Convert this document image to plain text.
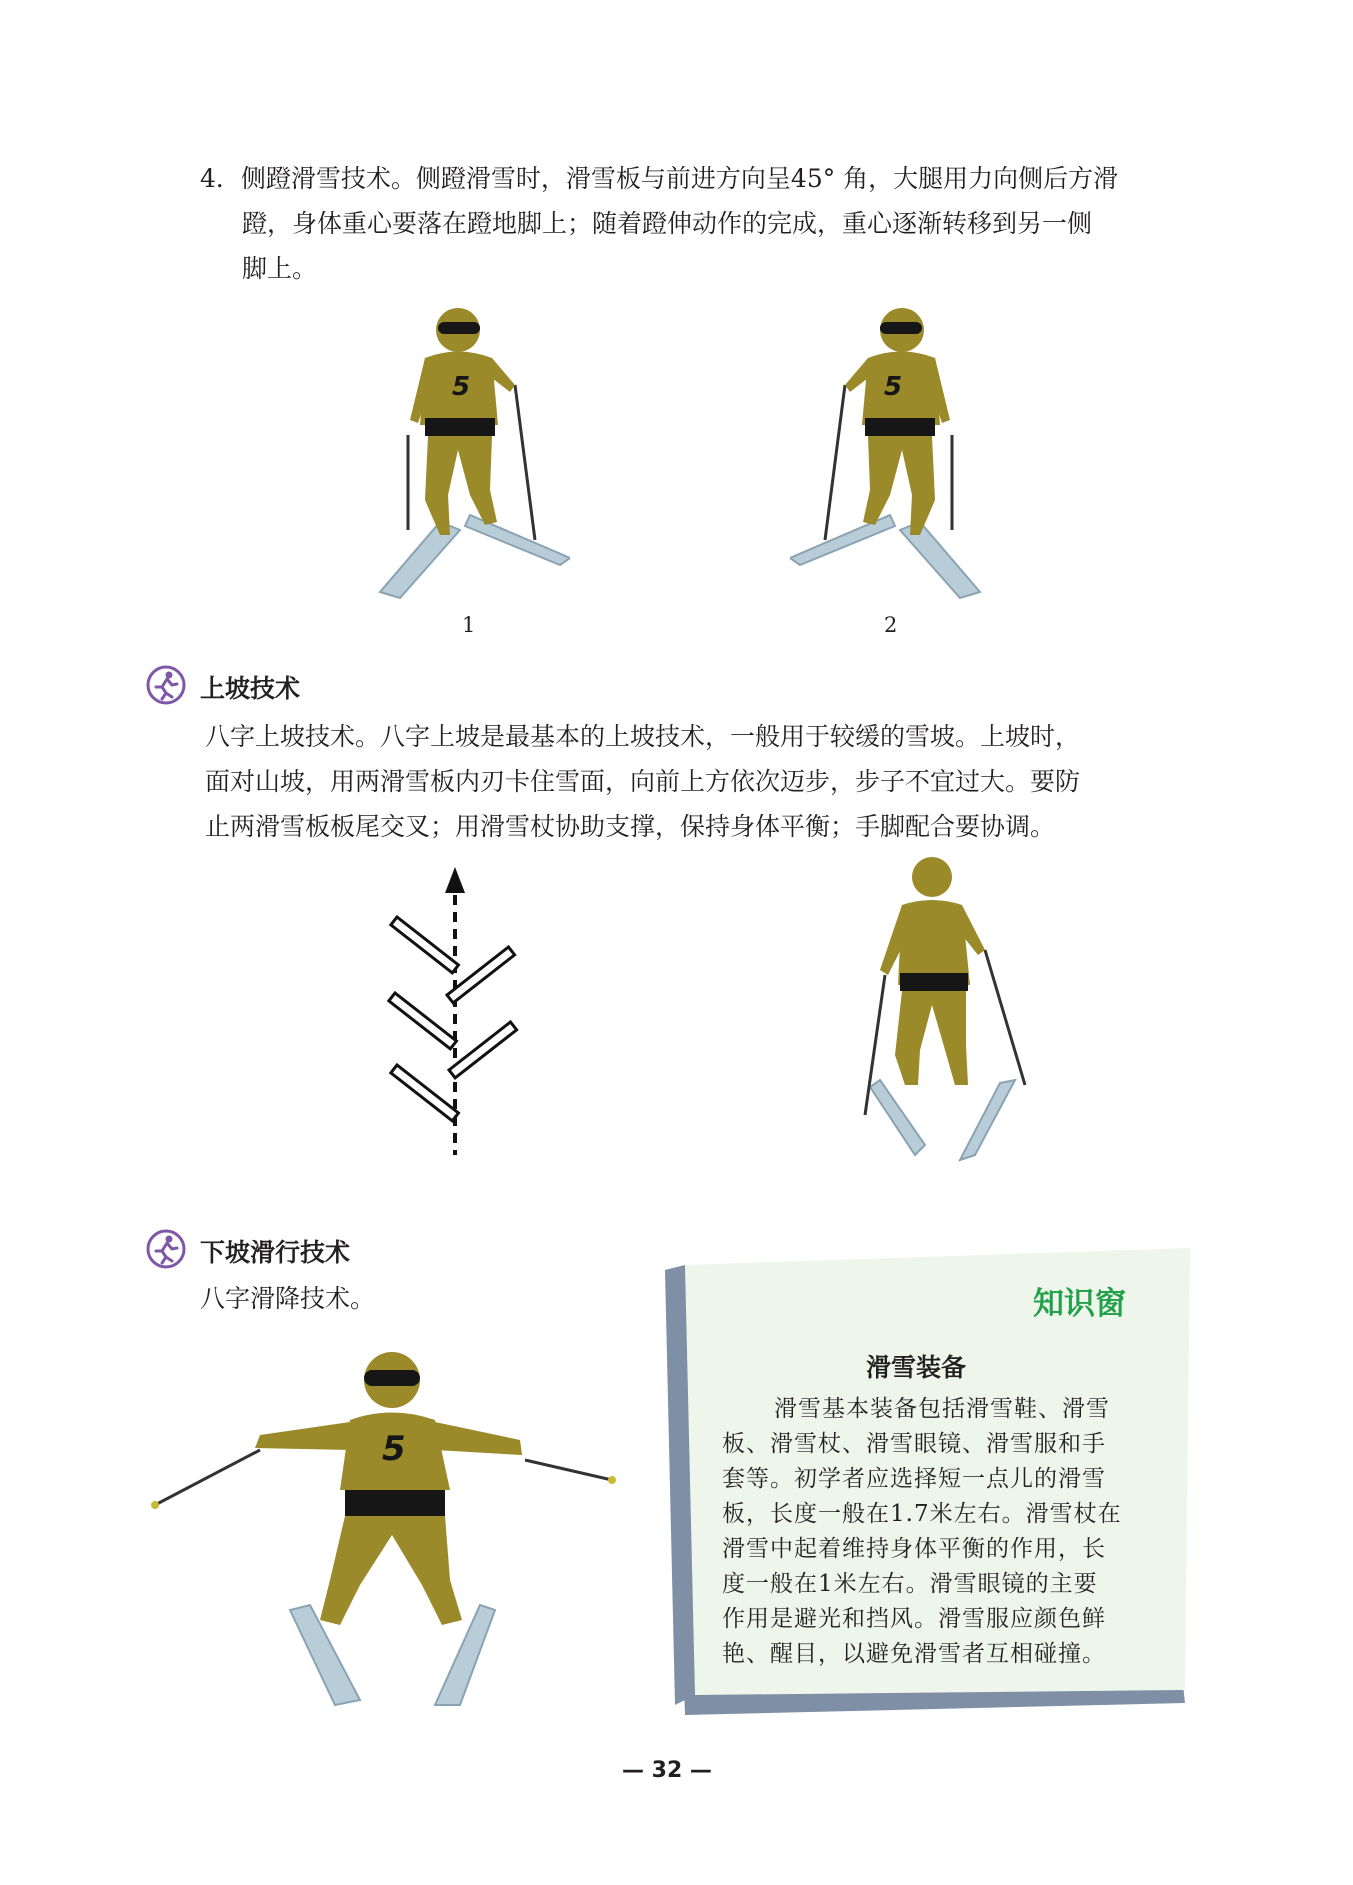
4．侧蹬滑雪技术。侧蹬滑雪时，滑雪板与前进方向呈45° 角，大腿用力向侧后方滑
蹬，身体重心要落在蹬地脚上；随着蹬伸动作的完成，重心逐渐转移到另一侧
脚上。
5	5
1	2
上坡技术
八字上坡技术。八字上坡是最基本的上坡技术，一般用于较缓的雪坡。上坡时，
面对山坡，用两滑雪板内刃卡住雪面，向前上方依次迈步，步子不宜过大。要防
止两滑雪板板尾交叉；用滑雪杖协助支撑，保持身体平衡；手脚配合要协调。
下坡滑行技术
八字滑降技术。
5
知识窗
滑雪装备
滑雪基本装备包括滑雪鞋、滑雪
板、滑雪杖、滑雪眼镜、滑雪服和手
套等。初学者应选择短一点儿的滑雪
板，长度一般在1.7米左右。滑雪杖在
滑雪中起着维持身体平衡的作用，长
度一般在1米左右。滑雪眼镜的主要
作用是避光和挡风。滑雪服应颜色鲜
艳、醒目，以避免滑雪者互相碰撞。
— 32 —
